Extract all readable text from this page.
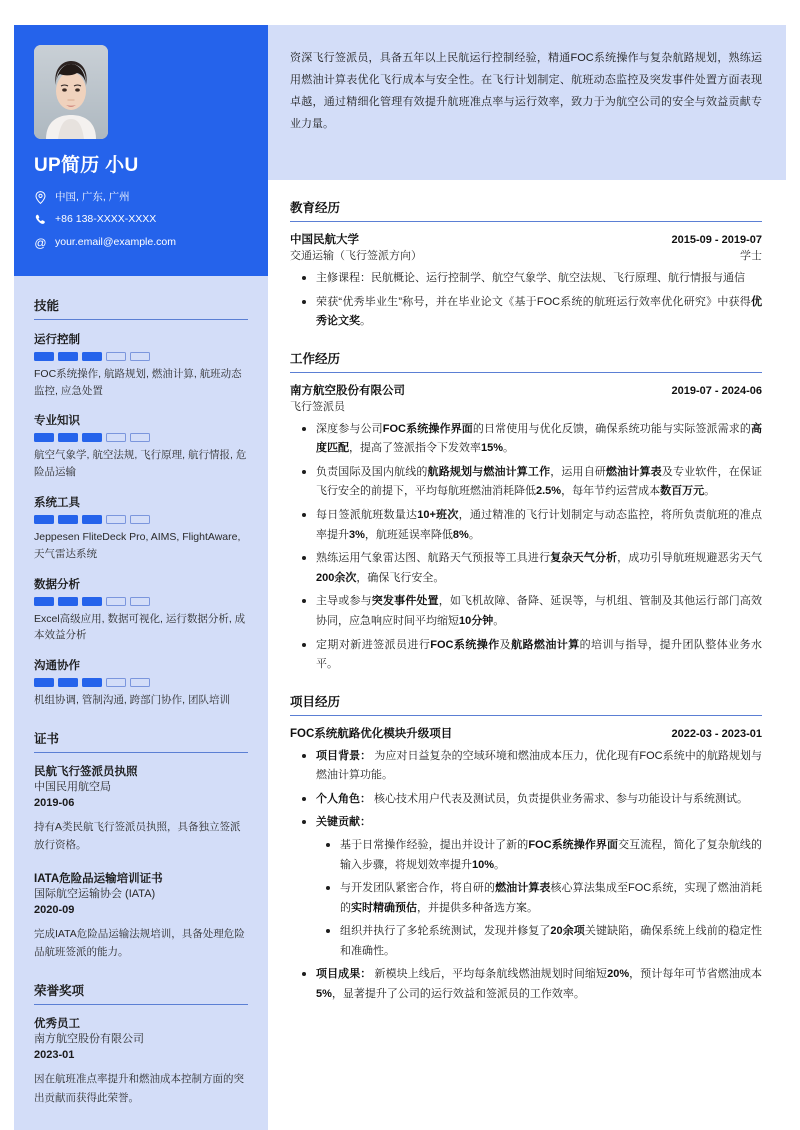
UP简历 小U
中国, 广东, 广州
+86 138-XXXX-XXXX
@ your.email@example.com
技能
运行控制
FOC系统操作, 航路规划, 燃油计算, 航班动态监控, 应急处置
专业知识
航空气象学, 航空法规, 飞行原理, 航行情报, 危险品运输
系统工具
Jeppesen FliteDeck Pro, AIMS, FlightAware, 天气雷达系统
数据分析
Excel高级应用, 数据可视化, 运行数据分析, 成本效益分析
沟通协作
机组协调, 管制沟通, 跨部门协作, 团队培训
证书
民航飞行签派员执照
中国民用航空局
2019-06
持有A类民航飞行签派员执照，具备独立签派放行资格。
IATA危险品运输培训证书
国际航空运输协会 (IATA)
2020-09
完成IATA危险品运输法规培训，具备处理危险品航班签派的能力。
荣誉奖项
优秀员工
南方航空股份有限公司
2023-01
因在航班准点率提升和燃油成本控制方面的突出贡献而获得此荣誉。

资深飞行签派员，具备五年以上民航运行控制经验，精通FOC系统操作与复杂航路规划，熟练运用燃油计算表优化飞行成本与安全性。在飞行计划制定、航班动态监控及突发事件处置方面表现卓越，通过精细化管理有效提升航班准点率与运行效率，致力于为航空公司的安全与效益贡献专业力量。

教育经历
中国民航大学	2015-09 - 2019-07
交通运输（飞行签派方向）	学士
主修课程：民航概论、运行控制学、航空气象学、航空法规、飞行原理、航行情报与通信
荣获“优秀毕业生”称号，并在毕业论文《基于FOC系统的航班运行效率优化研究》中获得优秀论文奖。
工作经历
南方航空股份有限公司	2019-07 - 2024-06
飞行签派员
深度参与公司FOC系统操作界面的日常使用与优化反馈，确保系统功能与实际签派需求的高度匹配，提高了签派指令下发效率15%。
负责国际及国内航线的航路规划与燃油计算工作，运用自研燃油计算表及专业软件，在保证飞行安全的前提下，平均每航班燃油消耗降低2.5%，每年节约运营成本数百万元。
每日签派航班数量达10+班次，通过精准的飞行计划制定与动态监控，将所负责航班的准点率提升3%，航班延误率降低8%。
熟练运用气象雷达图、航路天气预报等工具进行复杂天气分析，成功引导航班规避恶劣天气200余次，确保飞行安全。
主导或参与突发事件处置，如飞机故障、备降、延误等，与机组、管制及其他运行部门高效协同，应急响应时间平均缩短10分钟。
定期对新进签派员进行FOC系统操作及航路燃油计算的培训与指导，提升团队整体业务水平。
项目经历
FOC系统航路优化模块升级项目	2022-03 - 2023-01
项目背景： 为应对日益复杂的空域环境和燃油成本压力，优化现有FOC系统中的航路规划与燃油计算功能。
个人角色： 核心技术用户代表及测试员，负责提供业务需求、参与功能设计与系统测试。
关键贡献：
基于日常操作经验，提出并设计了新的FOC系统操作界面交互流程，简化了复杂航线的输入步骤，将规划效率提升10%。
与开发团队紧密合作，将自研的燃油计算表核心算法集成至FOC系统，实现了燃油消耗的实时精确预估，并提供多种备选方案。
组织并执行了多轮系统测试，发现并修复了20余项关键缺陷，确保系统上线前的稳定性和准确性。
项目成果： 新模块上线后，平均每条航线燃油规划时间缩短20%，预计每年可节省燃油成本5%，显著提升了公司的运行效益和签派员的工作效率。
